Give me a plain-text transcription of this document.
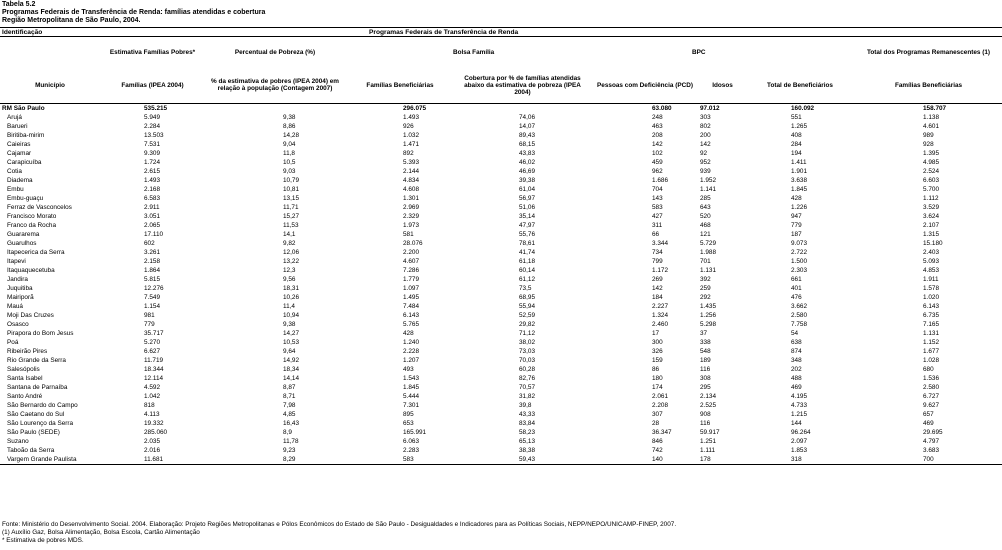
Tabela 5.2
Programas Federais de Transferência de Renda: famílias atendidas e cobertura
Região Metropolitana de São Paulo, 2004.
Identificação		Programas Federais de Transferência de Renda						
	Estimativa Famílias Pobres*	Percentual de Pobreza (%)	Bolsa Família		BPC			Total dos Programas Remanescentes (1)
Município	Famílias (IPEA 2004)	% da estimativa de pobres (IPEA 2004) em relação à população (Contagem 2007)	Famílias Beneficiárias	Cobertura por % de famílias atendidas abaixo da estimativa de pobreza (IPEA 2004)	Pessoas com Deficiência (PCD)	Idosos	Total de Beneficiários	Famílias Beneficiárias
RM São Paulo	535.215		296.075		63.080	97.012	160.092	158.707
Arujá	5.949	9,38	1.493	74,06	248	303	551	1.138
Barueri	2.284	8,86	926	14,07	463	802	1.265	4.601
Biritiba-mirim	13.503	14,28	1.032	89,43	208	200	408	989
Caieiras	7.531	9,04	1.471	68,15	142	142	284	928
Cajamar	9.309	11,8	892	43,83	102	92	194	1.395
Carapicuíba	1.724	10,5	5.393	46,02	459	952	1.411	4.985
Cotia	2.615	9,03	2.144	46,69	962	939	1.901	2.524
Diadema	1.493	10,79	4.834	39,38	1.686	1.952	3.638	6.603
Embu	2.168	10,81	4.608	61,04	704	1.141	1.845	5.700
Embu-guaçu	6.583	13,15	1.301	56,97	143	285	428	1.112
Ferraz de Vasconcelos	2.911	11,71	2.969	51,06	583	643	1.226	3.529
Francisco Morato	3.051	15,27	2.329	35,14	427	520	947	3.624
Franco da Rocha	2.065	11,53	1.973	47,97	311	468	779	2.107
Guararema	17.110	14,1	581	55,76	66	121	187	1.315
Guarulhos	602	9,82	28.076	78,61	3.344	5.729	9.073	15.180
Itapecerica da Serra	3.261	12,06	2.200	41,74	734	1.988	2.722	2.403
Itapevi	2.158	13,22	4.607	61,18	799	701	1.500	5.093
Itaquaquecetuba	1.864	12,3	7.286	60,14	1.172	1.131	2.303	4.853
Jandira	5.815	9,56	1.779	61,12	269	392	661	1.911
Juquitiba	12.276	18,31	1.097	73,5	142	259	401	1.578
Mairiporã	7.549	10,26	1.495	68,95	184	292	476	1.020
Mauá	1.154	11,4	7.484	55,94	2.227	1.435	3.662	6.143
Moji Das Cruzes	981	10,94	6.143	52,59	1.324	1.256	2.580	6.735
Osasco	779	9,38	5.765	29,82	2.460	5.298	7.758	7.165
Pirapora do Bom Jesus	35.717	14,27	428	71,12	17	37	54	1.131
Poá	5.270	10,53	1.240	38,02	300	338	638	1.152
Ribeirão Pires	6.627	9,64	2.228	73,03	326	548	874	1.677
Rio Grande da Serra	11.719	14,92	1.207	70,03	159	189	348	1.028
Salesópolis	18.344	18,34	493	60,28	86	116	202	680
Santa Isabel	12.114	14,14	1.543	82,76	180	308	488	1.536
Santana de Parnaíba	4.592	8,87	1.845	70,57	174	295	469	2.580
Santo André	1.042	8,71	5.444	31,82	2.061	2.134	4.195	6.727
São Bernardo do Campo	818	7,98	7.301	39,8	2.208	2.525	4.733	9.627
São Caetano do Sul	4.113	4,85	895	43,33	307	908	1.215	657
São Lourenço da Serra	19.332	16,43	653	83,84	28	116	144	469
São Paulo (SEDE)	285.060	8,9	165.991	58,23	36.347	59.917	96.264	29.695
Suzano	2.035	11,78	6.063	65,13	846	1.251	2.097	4.797
Taboão da Serra	2.016	9,23	2.283	38,38	742	1.111	1.853	3.683
Vargem Grande Paulista	11.681	8,29	583	59,43	140	178	318	700
Fonte: Ministério do Desenvolvimento Social. 2004. Elaboração: Projeto Regiões Metropolitanas e Pólos Econômicos do Estado de São Paulo - Desigualdades e Indicadores para as Políticas Sociais, NEPP/NEPO/UNICAMP-FINEP, 2007.
(1) Auxílio Gaz, Bolsa Alimentação, Bolsa Escola, Cartão Alimentação
* Estimativa de pobres MDS.
